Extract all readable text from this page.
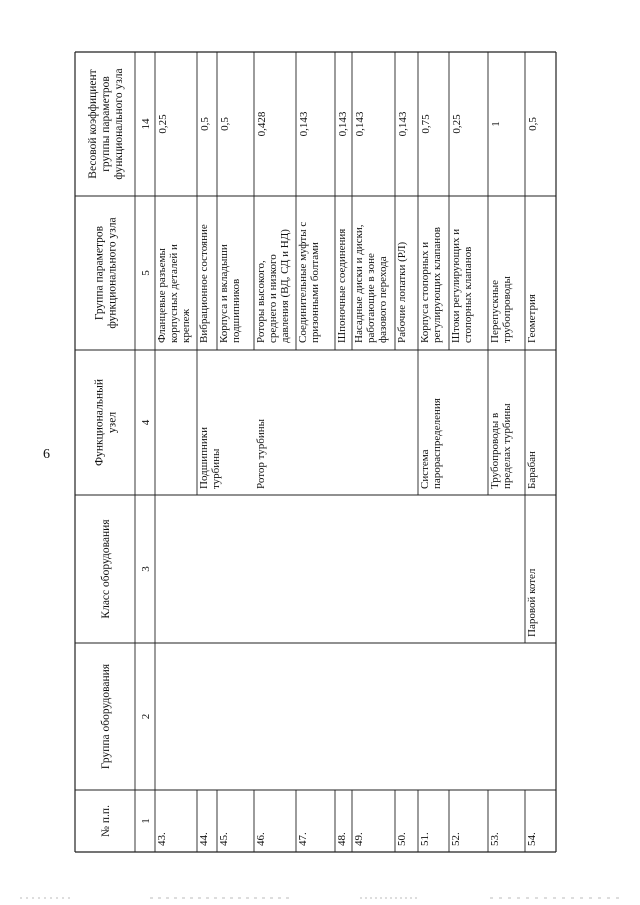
6
№ п.п.
Группа оборудования
Класс оборудования
Функциональный узел
Группа параметров функционального узла
Весовой коэффициент группы параметров функционального узла
1
2
3
4
5
14
43.
Фланцевые разъемы корпусных деталей и крепеж
0,25
44.
Подшипники турбины
Вибрационное состояние
0,5
45.
Корпуса и вкладыши подшипников
0,5
46.
Ротор турбины
Роторы высокого, среднего и низкого давления (ВД, СД и НД)
0,428
47.
Соединительные муфты с призонными болтами
0,143
48.
Шпоночные соединения
0,143
49.
Насадные диски и диски, работающие в зоне фазового перехода
0,143
50.
Рабочие лопатки (РЛ)
0,143
51.
Система парораспределения
Корпуса стопорных и регулирующих клапанов
0,75
52.
Штоки регулирующих и стопорных клапанов
0,25
53.
Трубопроводы в пределах турбины
Перепускные трубопроводы
1
54.
Барабан
Геометрия
0,5
Паровой котел
